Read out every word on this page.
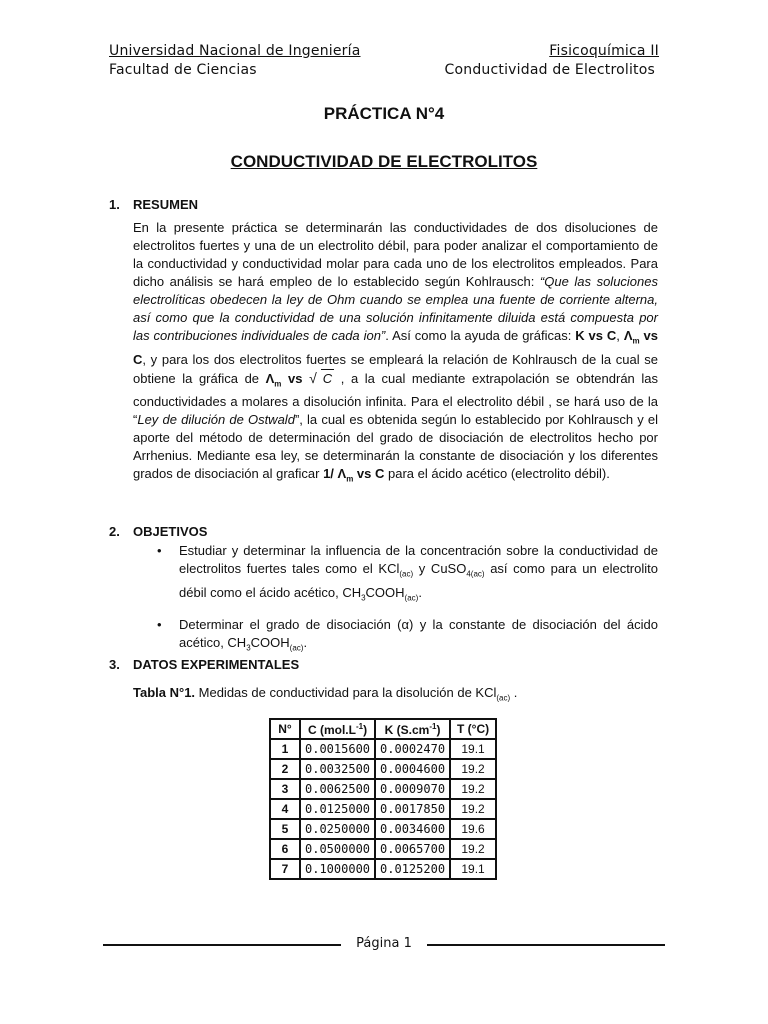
Universidad Nacional de Ingeniería	Fisicoquímica II
Facultad de Ciencias	Conductividad de Electrolitos
PRÁCTICA N°4
CONDUCTIVIDAD DE ELECTROLITOS
1. RESUMEN
En la presente práctica se determinarán las conductividades de dos disoluciones de electrolitos fuertes y una de un electrolito débil, para poder analizar el comportamiento de la conductividad y conductividad molar para cada uno de los electrolitos empleados. Para dicho análisis se hará empleo de lo establecido según Kohlrausch: “Que las soluciones electrolíticas obedecen la ley de Ohm cuando se emplea una fuente de corriente alterna, así como que la conductividad de una solución infinitamente diluida está compuesta por las contribuciones individuales de cada ion”. Así como la ayuda de gráficas: K vs C, $\Lambda_m$ vs C, y para los dos electrolitos fuertes se empleará la relación de Kohlrausch de la cual se obtiene la gráfica de $\Lambda_m$ vs √ C , a la cual mediante extrapolación se obtendrán las conductividades a molares a disolución infinita. Para el electrolito débil , se hará uso de la “Ley de dilución de Ostwald”, la cual es obtenida según lo establecido por Kohlrausch y el aporte del método de determinación del grado de disociación de electrolitos hecho por Arrhenius. Mediante esa ley, se determinarán la constante de disociación y los diferentes grados de disociación al graficar 1/ $\Lambda_m$ vs C para el ácido acético (electrolito débil).
2. OBJETIVOS
• Estudiar y determinar la influencia de la concentración sobre la conductividad de electrolitos fuertes tales como el KCl$_{(ac)}$ y CuSO$_{4(ac)}$ así como para un electrolito débil como el ácido acético, $CH_3COOH_{(ac)}$.
• Determinar el grado de disociación (α) y la constante de disociación del ácido acético, $CH_3COOH_{(ac)}$.
3. DATOS EXPERIMENTALES
Tabla N°1. Medidas de conductividad para la disolución de KCl$_{(ac)}$ .
N°	C $(mol.L^{-1})$	K $(S.cm^{-1})$	T (°C)
1	0.0015600	0.0002470	19.1
2	0.0032500	0.0004600	19.2
3	0.0062500	0.0009070	19.2
4	0.0125000	0.0017850	19.2
5	0.0250000	0.0034600	19.6
6	0.0500000	0.0065700	19.2
7	0.1000000	0.0125200	19.1
Página 1
